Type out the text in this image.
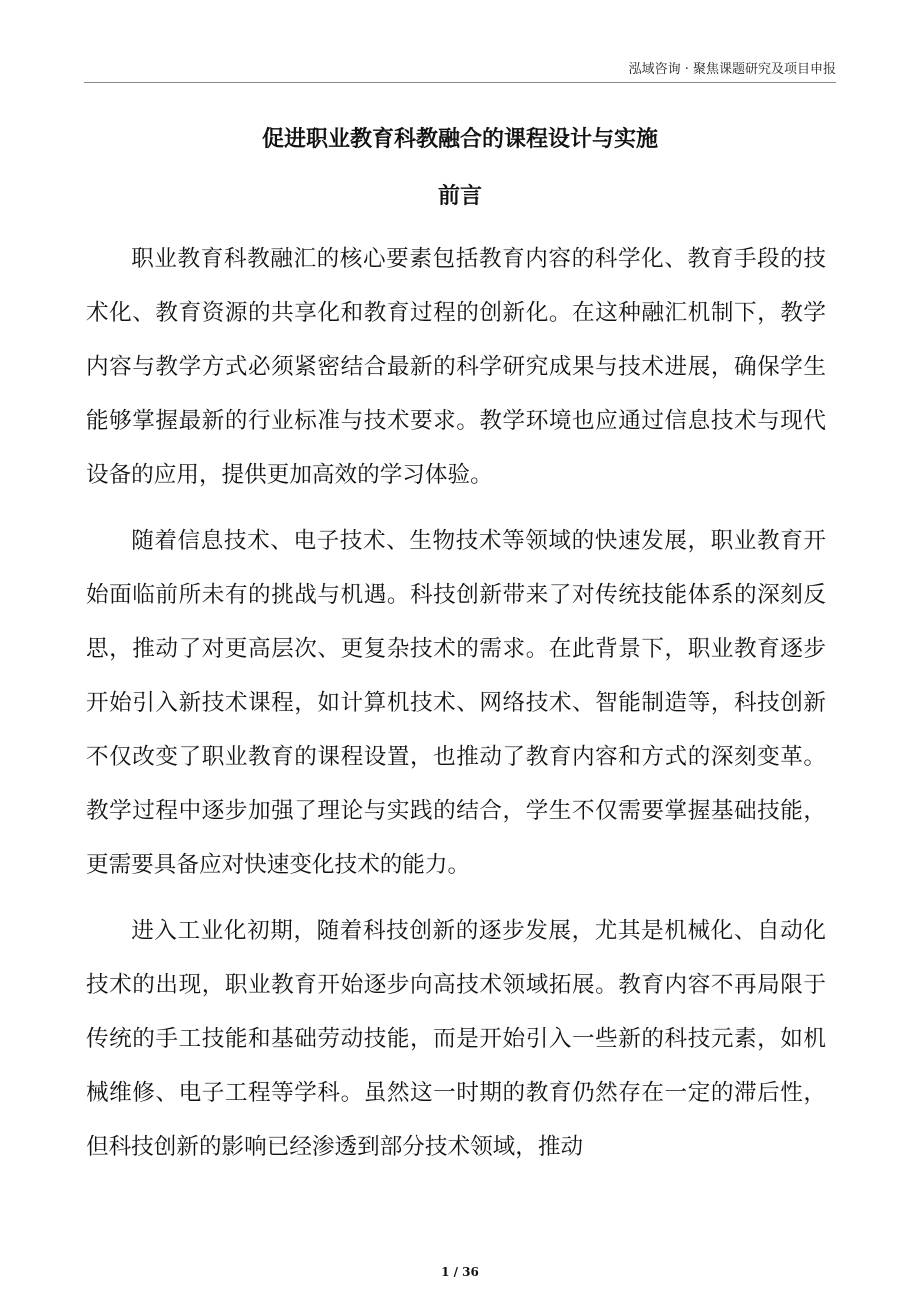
泓域咨询 · 聚焦课题研究及项目申报
促进职业教育科教融合的课程设计与实施
前言

职业教育科教融汇的核心要素包括教育内容的科学化、教育手段的技术化、教育资源的共享化和教育过程的创新化。在这种融汇机制下，教学内容与教学方式必须紧密结合最新的科学研究成果与技术进展，确保学生能够掌握最新的行业标准与技术要求。教学环境也应通过信息技术与现代设备的应用，提供更加高效的学习体验。

随着信息技术、电子技术、生物技术等领域的快速发展，职业教育开始面临前所未有的挑战与机遇。科技创新带来了对传统技能体系的深刻反思，推动了对更高层次、更复杂技术的需求。在此背景下，职业教育逐步开始引入新技术课程，如计算机技术、网络技术、智能制造等，科技创新不仅改变了职业教育的课程设置，也推动了教育内容和方式的深刻变革。教学过程中逐步加强了理论与实践的结合，学生不仅需要掌握基础技能，更需要具备应对快速变化技术的能力。

进入工业化初期，随着科技创新的逐步发展，尤其是机械化、自动化技术的出现，职业教育开始逐步向高技术领域拓展。教育内容不再局限于传统的手工技能和基础劳动技能，而是开始引入一些新的科技元素，如机械维修、电子工程等学科。虽然这一时期的教育仍然存在一定的滞后性，但科技创新的影响已经渗透到部分技术领域，推动

1 / 36
